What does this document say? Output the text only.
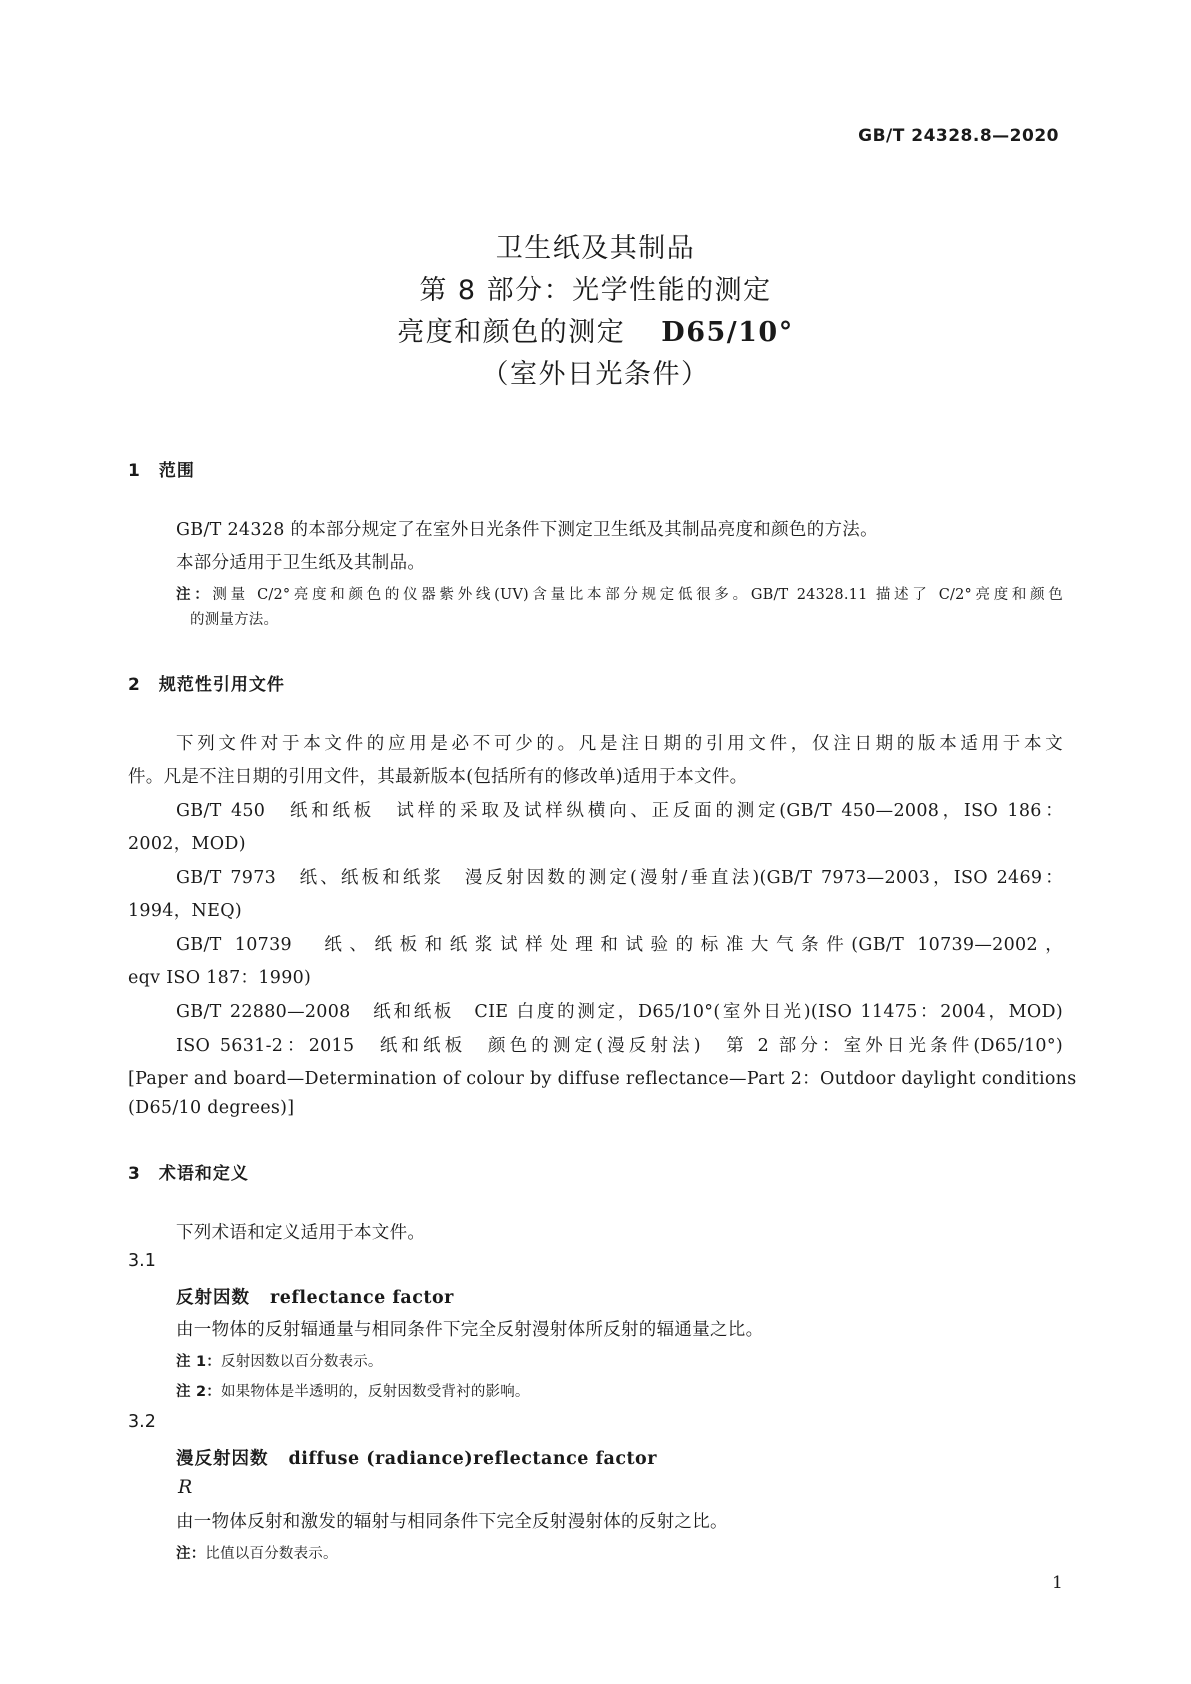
GB/T 24328.8—2020
卫生纸及其制品
第 8 部分：光学性能的测定
亮度和颜色的测定 D65/10°
（室外日光条件）
1　范围
GB/T 24328 的本部分规定了在室外日光条件下测定卫生纸及其制品亮度和颜色的方法。
本部分适用于卫生纸及其制品。
注：测量 C/2°亮度和颜色的仪器紫外线(UV)含量比本部分规定低很多。GB/T 24328.11 描述了 C/2°亮度和颜色
的测量方法。
2　规范性引用文件
下列文件对于本文件的应用是必不可少的。凡是注日期的引用文件，仅注日期的版本适用于本文
件。凡是不注日期的引用文件，其最新版本(包括所有的修改单)适用于本文件。
GB/T 450　纸和纸板　试样的采取及试样纵横向、正反面的测定(GB/T 450—2008，ISO 186：
2002，MOD)
GB/T 7973　纸、纸板和纸浆　漫反射因数的测定(漫射/垂直法)(GB/T 7973—2003，ISO 2469：
1994，NEQ)
GB/T 10739　纸、纸板和纸浆试样处理和试验的标准大气条件(GB/T 10739—2002，
eqv ISO 187：1990)
GB/T 22880—2008　纸和纸板　CIE 白度的测定，D65/10°(室外日光)(ISO 11475：2004，MOD)
ISO 5631-2：2015　纸和纸板　颜色的测定(漫反射法)　第 2 部分：室外日光条件(D65/10°)
[Paper and board—Determination of colour by diffuse reflectance—Part 2：Outdoor daylight conditions
(D65/10 degrees)]
3　术语和定义
下列术语和定义适用于本文件。
3.1
反射因数 reflectance factor
由一物体的反射辐通量与相同条件下完全反射漫射体所反射的辐通量之比。
注 1：反射因数以百分数表示。
注 2：如果物体是半透明的，反射因数受背衬的影响。
3.2
漫反射因数 diffuse (radiance)reflectance factor
R
由一物体反射和激发的辐射与相同条件下完全反射漫射体的反射之比。
注：比值以百分数表示。
1
